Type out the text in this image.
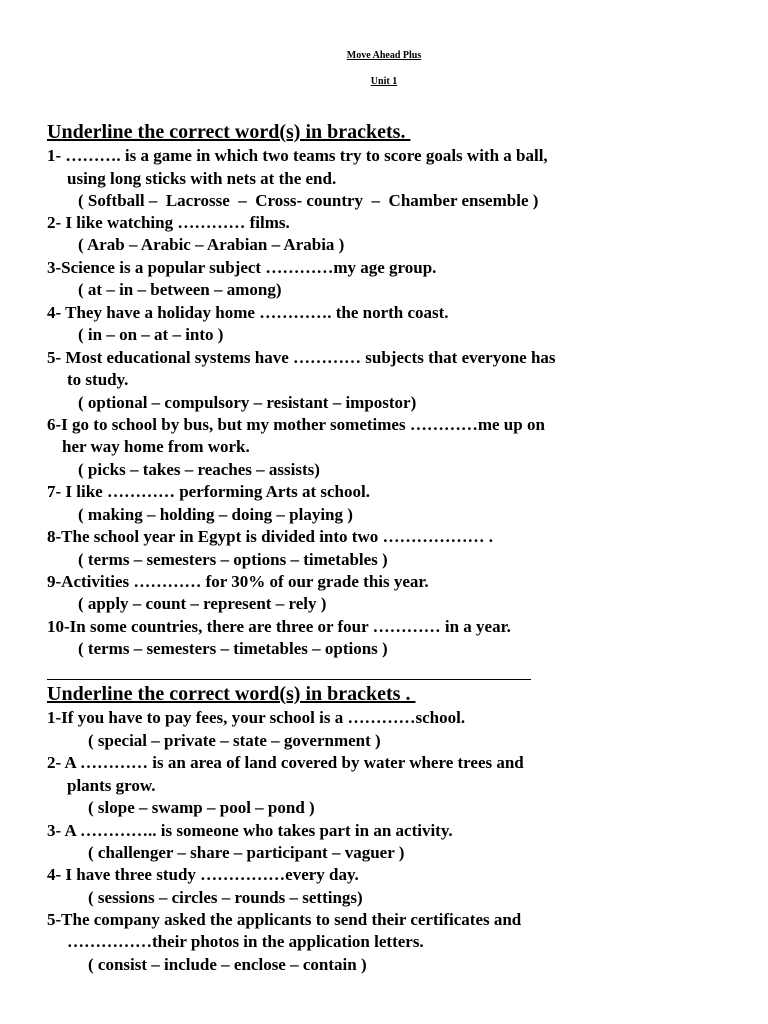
Move Ahead Plus
Unit 1
Underline the correct word(s) in brackets.
1- ………. is a game in which two teams try to score goals with a ball,
using long sticks with nets at the end.
( Softball –  Lacrosse  –  Cross- country  –  Chamber ensemble )
2- I like watching ………… films.
( Arab – Arabic – Arabian – Arabia )
3-Science is a popular subject …………my age group.
( at – in – between – among)
4- They have a holiday home …………. the north coast.
( in – on – at – into )
5- Most educational systems have ………… subjects that everyone has
to study.
( optional – compulsory – resistant – impostor)
6-I go to school by bus, but my mother sometimes …………me up on
her way home from work.
( picks – takes – reaches – assists)
7- I like ………… performing Arts at school.
( making – holding – doing – playing )
8-The school year in Egypt is divided into two ……………… .
( terms – semesters – options – timetables )
9-Activities ………… for 30% of our grade this year.
( apply – count – represent – rely )
10-In some countries, there are three or four ………… in a year.
( terms – semesters – timetables – options )
Underline the correct word(s) in brackets .
1-If you have to pay fees, your school is a …………school.
( special – private – state – government )
2- A ………… is an area of land covered by water where trees and
plants grow.
( slope – swamp – pool – pond )
3- A ………….. is someone who takes part in an activity.
( challenger – share – participant – vaguer )
4- I have three study ……………every day.
( sessions – circles – rounds – settings)
5-The company asked the applicants to send their certificates and
……………their photos in the application letters.
( consist – include – enclose – contain )
